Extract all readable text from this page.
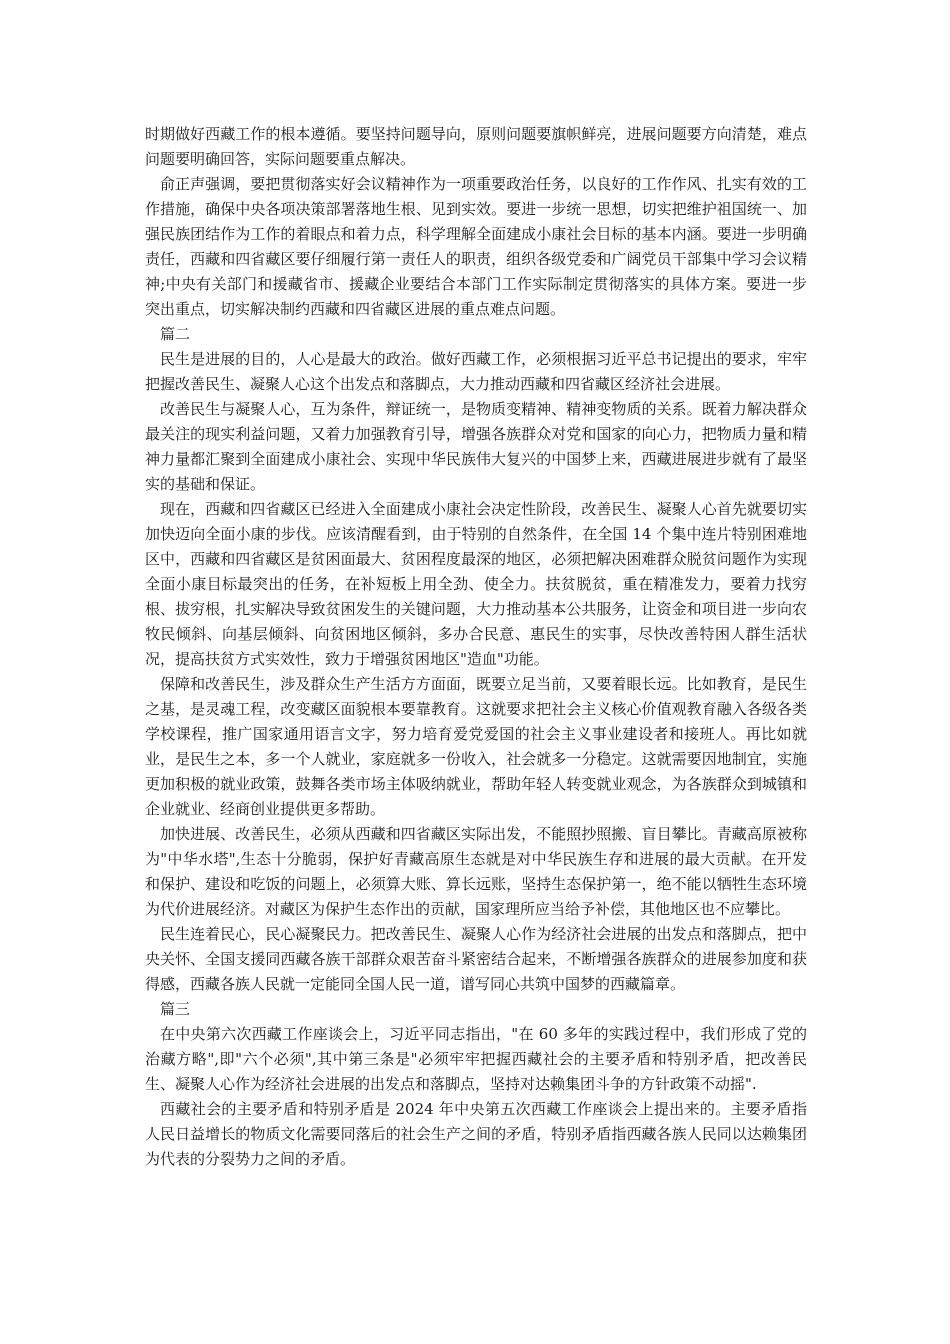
时期做好西藏工作的根本遵循。要坚持问题导向，原则问题要旗帜鲜亮，进展问题要方向清楚，难点问题要明确回答，实际问题要重点解决。

俞正声强调，要把贯彻落实好会议精神作为一项重要政治任务，以良好的工作作风、扎实有效的工作措施，确保中央各项决策部署落地生根、见到实效。要进一步统一思想，切实把维护祖国统一、加强民族团结作为工作的着眼点和着力点，科学理解全面建成小康社会目标的基本内涵。要进一步明确责任，西藏和四省藏区要仔细履行第一责任人的职责，组织各级党委和广阔党员干部集中学习会议精神;中央有关部门和援藏省市、援藏企业要结合本部门工作实际制定贯彻落实的具体方案。要进一步突出重点，切实解决制约西藏和四省藏区进展的重点难点问题。

篇二

民生是进展的目的，人心是最大的政治。做好西藏工作，必须根据习近平总书记提出的要求，牢牢把握改善民生、凝聚人心这个出发点和落脚点，大力推动西藏和四省藏区经济社会进展。

改善民生与凝聚人心，互为条件，辩证统一，是物质变精神、精神变物质的关系。既着力解决群众最关注的现实利益问题，又着力加强教育引导，增强各族群众对党和国家的向心力，把物质力量和精神力量都汇聚到全面建成小康社会、实现中华民族伟大复兴的中国梦上来，西藏进展进步就有了最坚实的基础和保证。

现在，西藏和四省藏区已经进入全面建成小康社会决定性阶段，改善民生、凝聚人心首先就要切实加快迈向全面小康的步伐。应该清醒看到，由于特别的自然条件，在全国 14 个集中连片特别困难地区中，西藏和四省藏区是贫困面最大、贫困程度最深的地区，必须把解决困难群众脱贫问题作为实现全面小康目标最突出的任务，在补短板上用全劲、使全力。扶贫脱贫，重在精准发力，要着力找穷根、拔穷根，扎实解决导致贫困发生的关键问题，大力推动基本公共服务，让资金和项目进一步向农牧民倾斜、向基层倾斜、向贫困地区倾斜，多办合民意、惠民生的实事，尽快改善特困人群生活状况，提高扶贫方式实效性，致力于增强贫困地区"造血"功能。

保障和改善民生，涉及群众生产生活方方面面，既要立足当前，又要着眼长远。比如教育，是民生之基，是灵魂工程，改变藏区面貌根本要靠教育。这就要求把社会主义核心价值观教育融入各级各类学校课程，推广国家通用语言文字，努力培育爱党爱国的社会主义事业建设者和接班人。再比如就业，是民生之本，多一个人就业，家庭就多一份收入，社会就多一分稳定。这就需要因地制宜，实施更加积极的就业政策，鼓舞各类市场主体吸纳就业，帮助年轻人转变就业观念，为各族群众到城镇和企业就业、经商创业提供更多帮助。

加快进展、改善民生，必须从西藏和四省藏区实际出发，不能照抄照搬、盲目攀比。青藏高原被称为"中华水塔",生态十分脆弱，保护好青藏高原生态就是对中华民族生存和进展的最大贡献。在开发和保护、建设和吃饭的问题上，必须算大账、算长远账，坚持生态保护第一，绝不能以牺牲生态环境为代价进展经济。对藏区为保护生态作出的贡献，国家理所应当给予补偿，其他地区也不应攀比。

民生连着民心，民心凝聚民力。把改善民生、凝聚人心作为经济社会进展的出发点和落脚点，把中央关怀、全国支援同西藏各族干部群众艰苦奋斗紧密结合起来，不断增强各族群众的进展参加度和获得感，西藏各族人民就一定能同全国人民一道，谱写同心共筑中国梦的西藏篇章。

篇三

在中央第六次西藏工作座谈会上，习近平同志指出，"在 60 多年的实践过程中，我们形成了党的治藏方略",即"六个必须",其中第三条是"必须牢牢把握西藏社会的主要矛盾和特别矛盾，把改善民生、凝聚人心作为经济社会进展的出发点和落脚点，坚持对达赖集团斗争的方针政策不动摇".

西藏社会的主要矛盾和特别矛盾是 2024 年中央第五次西藏工作座谈会上提出来的。主要矛盾指人民日益增长的物质文化需要同落后的社会生产之间的矛盾，特别矛盾指西藏各族人民同以达赖集团为代表的分裂势力之间的矛盾。
